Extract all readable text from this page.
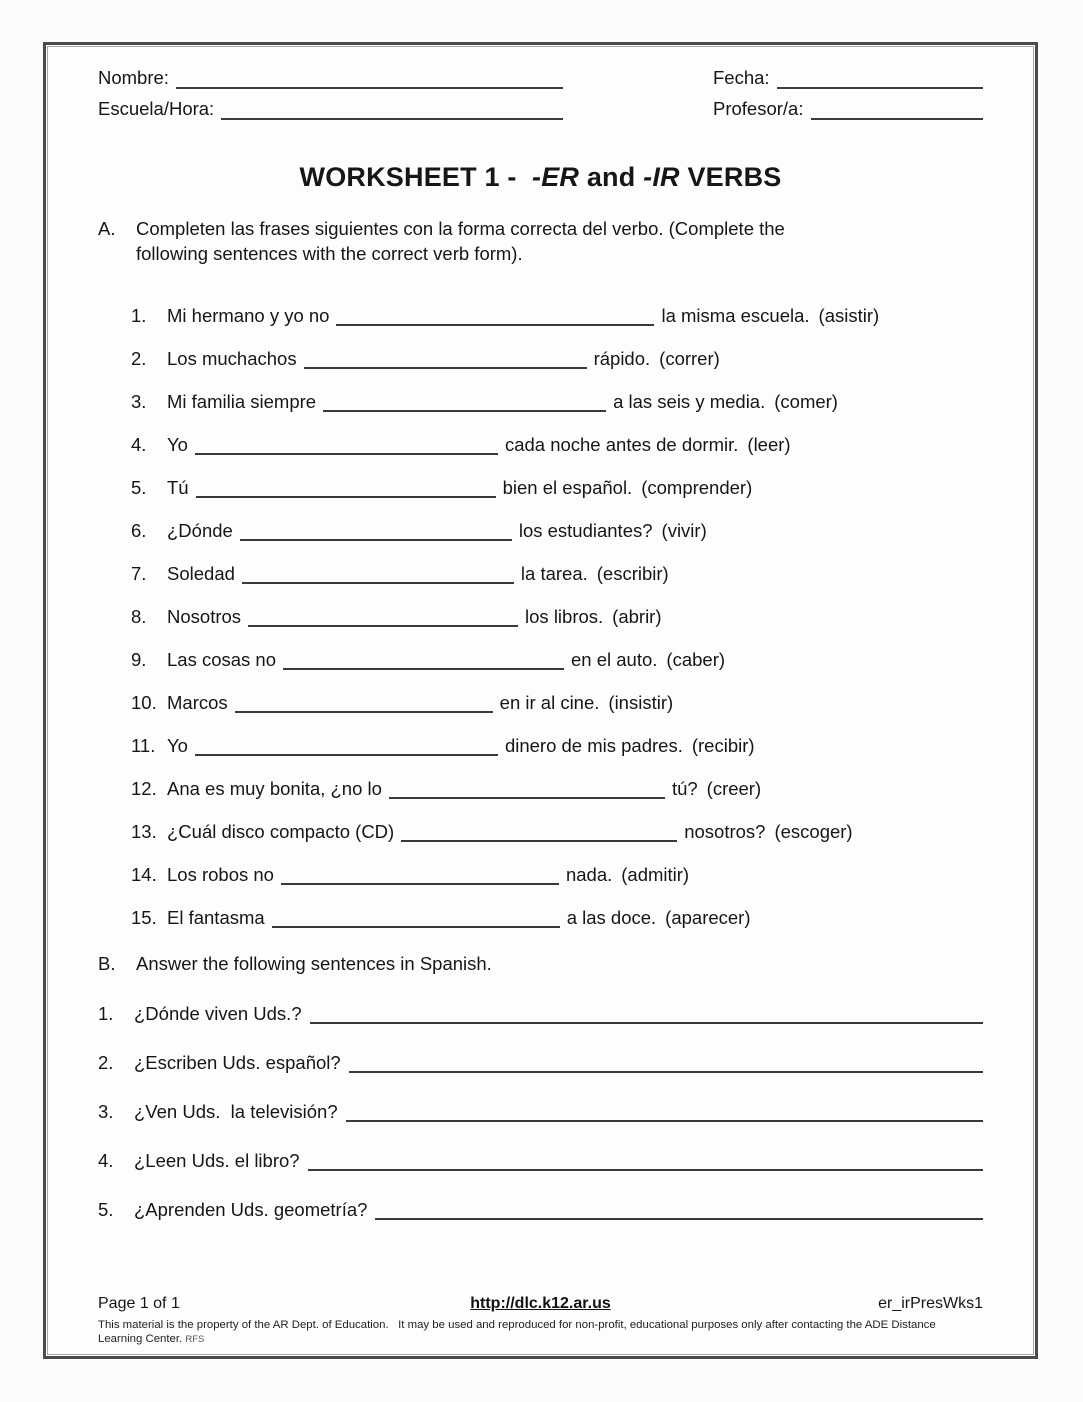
Nombre:	Fecha:
Escuela/Hora:	Profesor/a:
WORKSHEET 1 -  -ER and -IR VERBS
A.	Completen las frases siguientes con la forma correcta del verbo. (Complete the
following sentences with the correct verb form).
1.	Mi hermano y yo no	la misma escuela. (asistir)
2.	Los muchachos	rápido. (correr)
3.	Mi familia siempre	a las seis y media. (comer)
4.	Yo	cada noche antes de dormir. (leer)
5.	Tú	bien el español. (comprender)
6.	¿Dónde	los estudiantes? (vivir)
7.	Soledad	la tarea. (escribir)
8.	Nosotros	los libros. (abrir)
9.	Las cosas no	en el auto. (caber)
10. Marcos	en ir al cine. (insistir)
11. Yo	dinero de mis padres. (recibir)
12. Ana es muy bonita, ¿no lo	tú? (creer)
13. ¿Cuál disco compacto (CD)	nosotros? (escoger)
14. Los robos no	nada. (admitir)
15. El fantasma	a las doce. (aparecer)
B.	Answer the following sentences in Spanish.
1.	¿Dónde viven Uds.?
2.	¿Escriben Uds. español?
3.	¿Ven Uds.  la televisión?
4.	¿Leen Uds. el libro?
5.	¿Aprenden Uds. geometría?
Page 1 of 1	http://dlc.k12.ar.us	er_irPresWks1
This material is the property of the AR Dept. of Education.   It may be used and reproduced for non-profit, educational purposes only after contacting the ADE Distance Learning Center. RFS
